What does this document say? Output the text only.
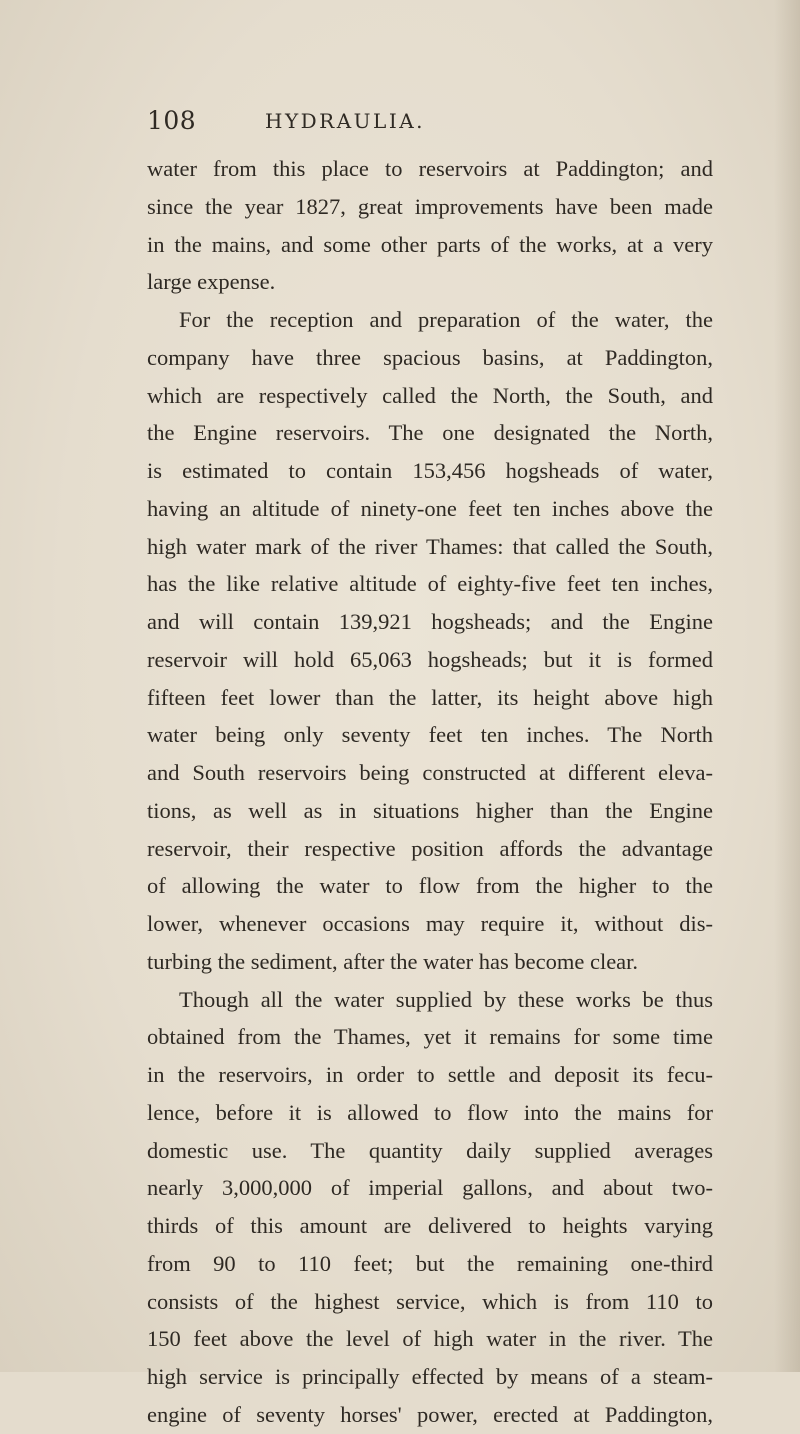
108	HYDRAULIA.
water from this place to reservoirs at Paddington; and
since the year 1827, great improvements have been made
in the mains, and some other parts of the works, at a very
large expense.
For the reception and preparation of the water, the
company have three spacious basins, at Paddington,
which are respectively called the North, the South, and
the Engine reservoirs. The one designated the North,
is estimated to contain 153,456 hogsheads of water,
having an altitude of ninety-one feet ten inches above the
high water mark of the river Thames: that called the South,
has the like relative altitude of eighty-five feet ten inches,
and will contain 139,921 hogsheads; and the Engine
reservoir will hold 65,063 hogsheads; but it is formed
fifteen feet lower than the latter, its height above high
water being only seventy feet ten inches. The North
and South reservoirs being constructed at different eleva-
tions, as well as in situations higher than the Engine
reservoir, their respective position affords the advantage
of allowing the water to flow from the higher to the
lower, whenever occasions may require it, without dis-
turbing the sediment, after the water has become clear.
Though all the water supplied by these works be thus
obtained from the Thames, yet it remains for some time
in the reservoirs, in order to settle and deposit its fecu-
lence, before it is allowed to flow into the mains for
domestic use. The quantity daily supplied averages
nearly 3,000,000 of imperial gallons, and about two-
thirds of this amount are delivered to heights varying
from 90 to 110 feet; but the remaining one-third
consists of the highest service, which is from 110 to
150 feet above the level of high water in the river. The
high service is principally effected by means of a steam-
engine of seventy horses' power, erected at Paddington,
